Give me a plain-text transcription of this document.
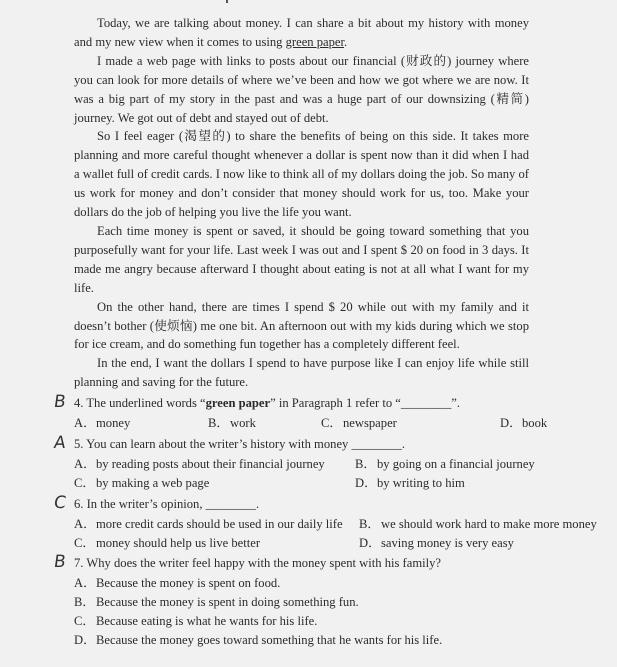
Today, we are talking about money. I can share a bit about my history with money and my new view when it comes to using green paper.

I made a web page with links to posts about our financial (财政的) journey where you can look for more details of where we’ve been and how we got where we are now. It was a big part of my story in the past and was a huge part of our downsizing (精简) journey. We got out of debt and stayed out of debt.

So I feel eager (渴望的) to share the benefits of being on this side. It takes more planning and more careful thought whenever a dollar is spent now than it did when I had a wallet full of credit cards. I now like to think all of my dollars doing the job. So many of us work for money and don’t consider that money should work for us, too. Make your dollars do the job of helping you live the life you want.

Each time money is spent or saved, it should be going toward something that you purposefully want for your life. Last week I was out and I spent $ 20 on food in 3 days. It made me angry because afterward I thought about eating is not at all what I want for my life.

On the other hand, there are times I spend $ 20 while out with my family and it doesn’t bother (使烦恼) me one bit. An afternoon out with my kids during which we stop for ice cream, and do something fun together has a completely different feel.

In the end, I want the dollars I spend to have purpose like I can enjoy life while still planning and saving for the future.

B 4. The underlined words “green paper” in Paragraph 1 refer to “________”.
A．money	B．work	C．newspaper	D．book
A 5. You can learn about the writer’s history with money ________.
A．by reading posts about their financial journey	B．by going on a financial journey
C．by making a web page	D．by writing to him
C 6. In the writer’s opinion, ________.
A．more credit cards should be used in our daily life	B．we should work hard to make more money
C．money should help us live better	D．saving money is very easy
B 7. Why does the writer feel happy with the money spent with his family?
A．Because the money is spent on food.
B．Because the money is spent in doing something fun.
C．Because eating is what he wants for his life.
D．Because the money goes toward something that he wants for his life.
